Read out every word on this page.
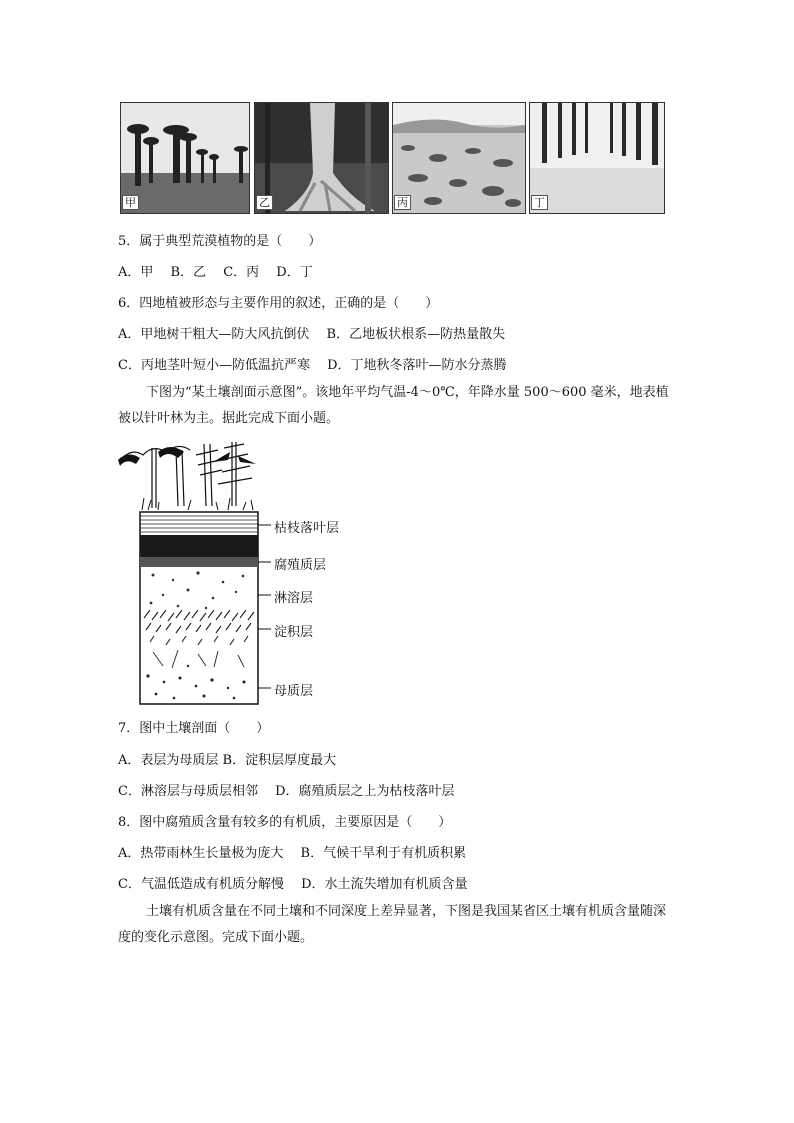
甲	乙	丙	丁
5．属于典型荒漠植物的是（　　）
A．甲　 B．乙　 C．丙　 D．丁
6．四地植被形态与主要作用的叙述，正确的是（　　）
A．甲地树干粗大—防大风抗倒伏　 B．乙地板状根系—防热量散失
C．丙地茎叶短小—防低温抗严寒　 D．丁地秋冬落叶—防水分蒸腾
下图为“某土壤剖面示意图”。该地年平均气温-4～0℃，年降水量 500～600 毫米，地表植被以针叶林为主。据此完成下面小题。
枯枝落叶层
腐殖质层
淋溶层
淀积层
母质层
7．图中土壤剖面（　　）
A．表层为母质层 B．淀积层厚度最大
C．淋溶层与母质层相邻　 D．腐殖质层之上为枯枝落叶层
8．图中腐殖质含量有较多的有机质，主要原因是（　　）
A．热带雨林生长量极为庞大　 B．气候干旱利于有机质积累
C．气温低造成有机质分解慢　 D．水土流失增加有机质含量
土壤有机质含量在不同土壤和不同深度上差异显著，下图是我国某省区土壤有机质含量随深度的变化示意图。完成下面小题。
